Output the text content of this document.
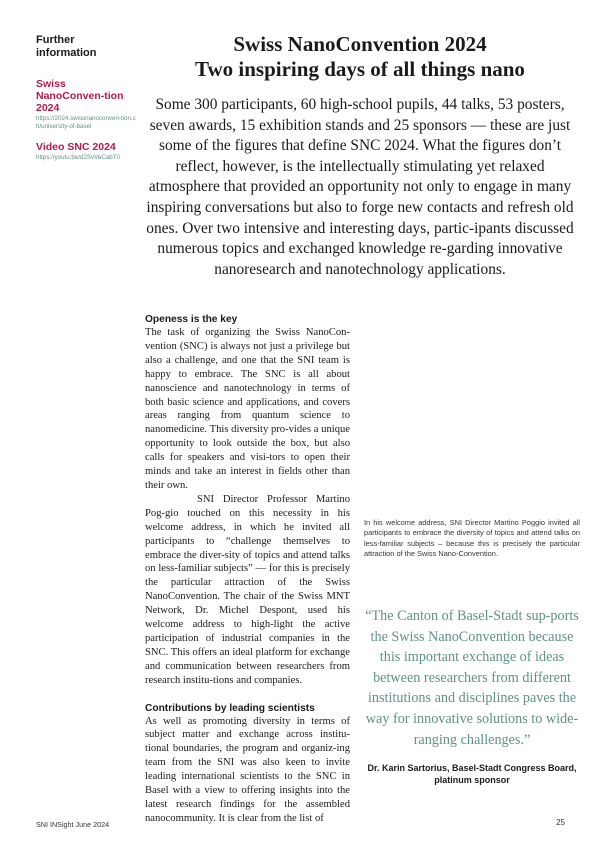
Further information

Swiss NanoConven-tion 2024

https://2024.swissnanoconven-tion.ch/university-of-basel

Video SNC 2024

https://youtu.be/d2SvVeCabT0

Swiss NanoConvention 2024
Two inspiring days of all things nano

Some 300 participants, 60 high-school pupils, 44 talks, 53 posters, seven awards, 15 exhibition stands and 25 sponsors — these are just some of the figures that define SNC 2024. What the figures don’t reflect, however, is the intellectually stimulating yet relaxed atmosphere that provided an opportunity not only to engage in many inspiring conversations but also to forge new contacts and refresh old ones. Over two intensive and interesting days, partic-ipants discussed numerous topics and exchanged knowledge re-garding innovative nanoresearch and nanotechnology applications.

Openess is the key

The task of organizing the Swiss NanoCon-vention (SNC) is always not just a privilege but also a challenge, and one that the SNI team is happy to embrace. The SNC is all about nanoscience and nanotechnology in terms of both basic science and applications, and covers areas ranging from quantum science to nanomedicine. This diversity pro-vides a unique opportunity to look outside the box, but also calls for speakers and visi-tors to open their minds and take an interest in fields other than their own.

SNI Director Professor Martino Pog-gio touched on this necessity in his welcome address, in which he invited all participants to “challenge themselves to embrace the diver-sity of topics and attend talks on less-familiar subjects” — for this is precisely the particular attraction of the Swiss NanoConvention. The chair of the Swiss MNT Network, Dr. Michel Despont, used his welcome address to high-light the active participation of industrial companies in the SNC. This offers an ideal platform for exchange and communication between researchers from research institu-tions and companies.

Contributions by leading scientists

As well as promoting diversity in terms of subject matter and exchange across institu-tional boundaries, the program and organiz-ing team from the SNI was also keen to invite leading international scientists to the SNC in Basel with a view to offering insights into the latest research findings for the assembled nanocommunity. It is clear from the list of

In his welcome address, SNI Director Martino Poggio invited all participants to embrace the diversity of topics and attend talks on less-familiar subjects – because this is precisely the particular attraction of the Swiss Nano-Convention.

“The Canton of Basel-Stadt sup-ports the Swiss NanoConvention because this important exchange of ideas between researchers from different institutions and disciplines paves the way for innovative solutions to wide-ranging challenges.”

Dr. Karin Sartorius, Basel-Stadt Congress Board, platinum sponsor

SNI INSight June 2024	25
